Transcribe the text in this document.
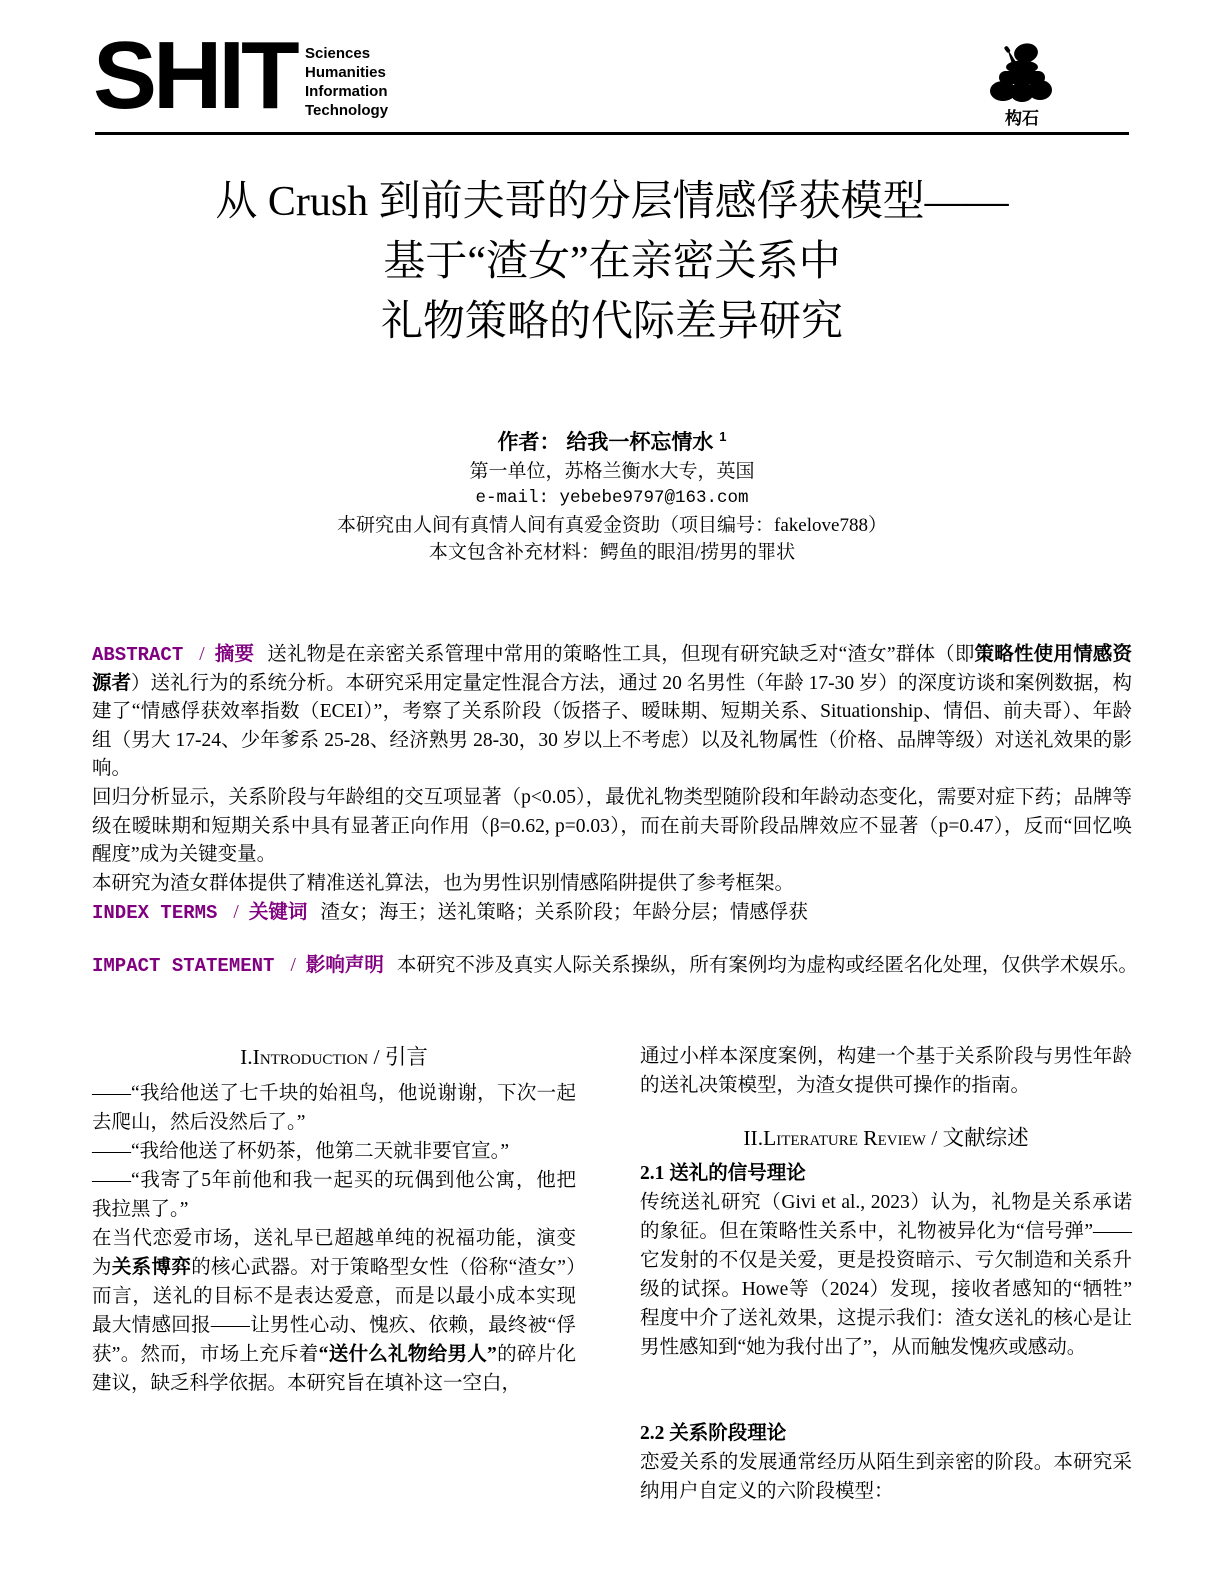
SHIT Sciences
Humanities
Information
Technology	构石
从 Crush 到前夫哥的分层情感俘获模型——
基于“渣女”在亲密关系中
礼物策略的代际差异研究
作者： 给我一杯忘情水 $^1$
第一单位，苏格兰衡水大专，英国
e-mail: yebebe9797@163.com
本研究由人间有真情人间有真爱金资助（项目编号：fakelove788）
本文包含补充材料：鳄鱼的眼泪/捞男的罪状

ABSTRACT / 摘要 送礼物是在亲密关系管理中常用的策略性工具，但现有研究缺乏对“渣女”群体（即策略性使用情感资源者）送礼行为的系统分析。本研究采用定量定性混合方法，通过 20 名男性（年龄 17-30 岁）的深度访谈和案例数据，构建了“情感俘获效率指数（ECEI）”，考察了关系阶段（饭搭子、暧昧期、短期关系、Situationship、情侣、前夫哥）、年龄组（男大 17-24、少年爹系 25-28、经济熟男 28-30，30 岁以上不考虑）以及礼物属性（价格、品牌等级）对送礼效果的影响。

回归分析显示，关系阶段与年龄组的交互项显著（p<0.05），最优礼物类型随阶段和年龄动态变化，需要对症下药；品牌等级在暧昧期和短期关系中具有显著正向作用（β=0.62, p=0.03），而在前夫哥阶段品牌效应不显著（p=0.47），反而“回忆唤醒度”成为关键变量。

本研究为渣女群体提供了精准送礼算法，也为男性识别情感陷阱提供了参考框架。

INDEX TERMS / 关键词 渣女；海王；送礼策略；关系阶段；年龄分层；情感俘获
IMPACT STATEMENT / 影响声明 本研究不涉及真实人际关系操纵，所有案例均为虚构或经匿名化处理，仅供学术娱乐。
I.Introduction / 引言

——“我给他送了七千块的始祖鸟，他说谢谢，下次一起去爬山，然后没然后了。”

——“我给他送了杯奶茶，他第二天就非要官宣。”

——“我寄了5年前他和我一起买的玩偶到他公寓，他把我拉黑了。”

在当代恋爱市场，送礼早已超越单纯的祝福功能，演变为关系博弈的核心武器。对于策略型女性（俗称“渣女”）而言，送礼的目标不是表达爱意，而是以最小成本实现最大情感回报——让男性心动、愧疚、依赖，最终被“俘获”。然而，市场上充斥着“送什么礼物给男人”的碎片化建议，缺乏科学依据。本研究旨在填补这一空白，

通过小样本深度案例，构建一个基于关系阶段与男性年龄的送礼决策模型，为渣女提供可操作的指南。

II.Literature Review / 文献综述
2.1 送礼的信号理论

传统送礼研究（Givi et al., 2023）认为，礼物是关系承诺的象征。但在策略性关系中，礼物被异化为“信号弹”——它发射的不仅是关爱，更是投资暗示、亏欠制造和关系升级的试探。Howe等（2024）发现，接收者感知的“牺牲”程度中介了送礼效果，这提示我们：渣女送礼的核心是让男性感知到“她为我付出了”，从而触发愧疚或感动。

2.2 关系阶段理论

恋爱关系的发展通常经历从陌生到亲密的阶段。本研究采纳用户自定义的六阶段模型：
